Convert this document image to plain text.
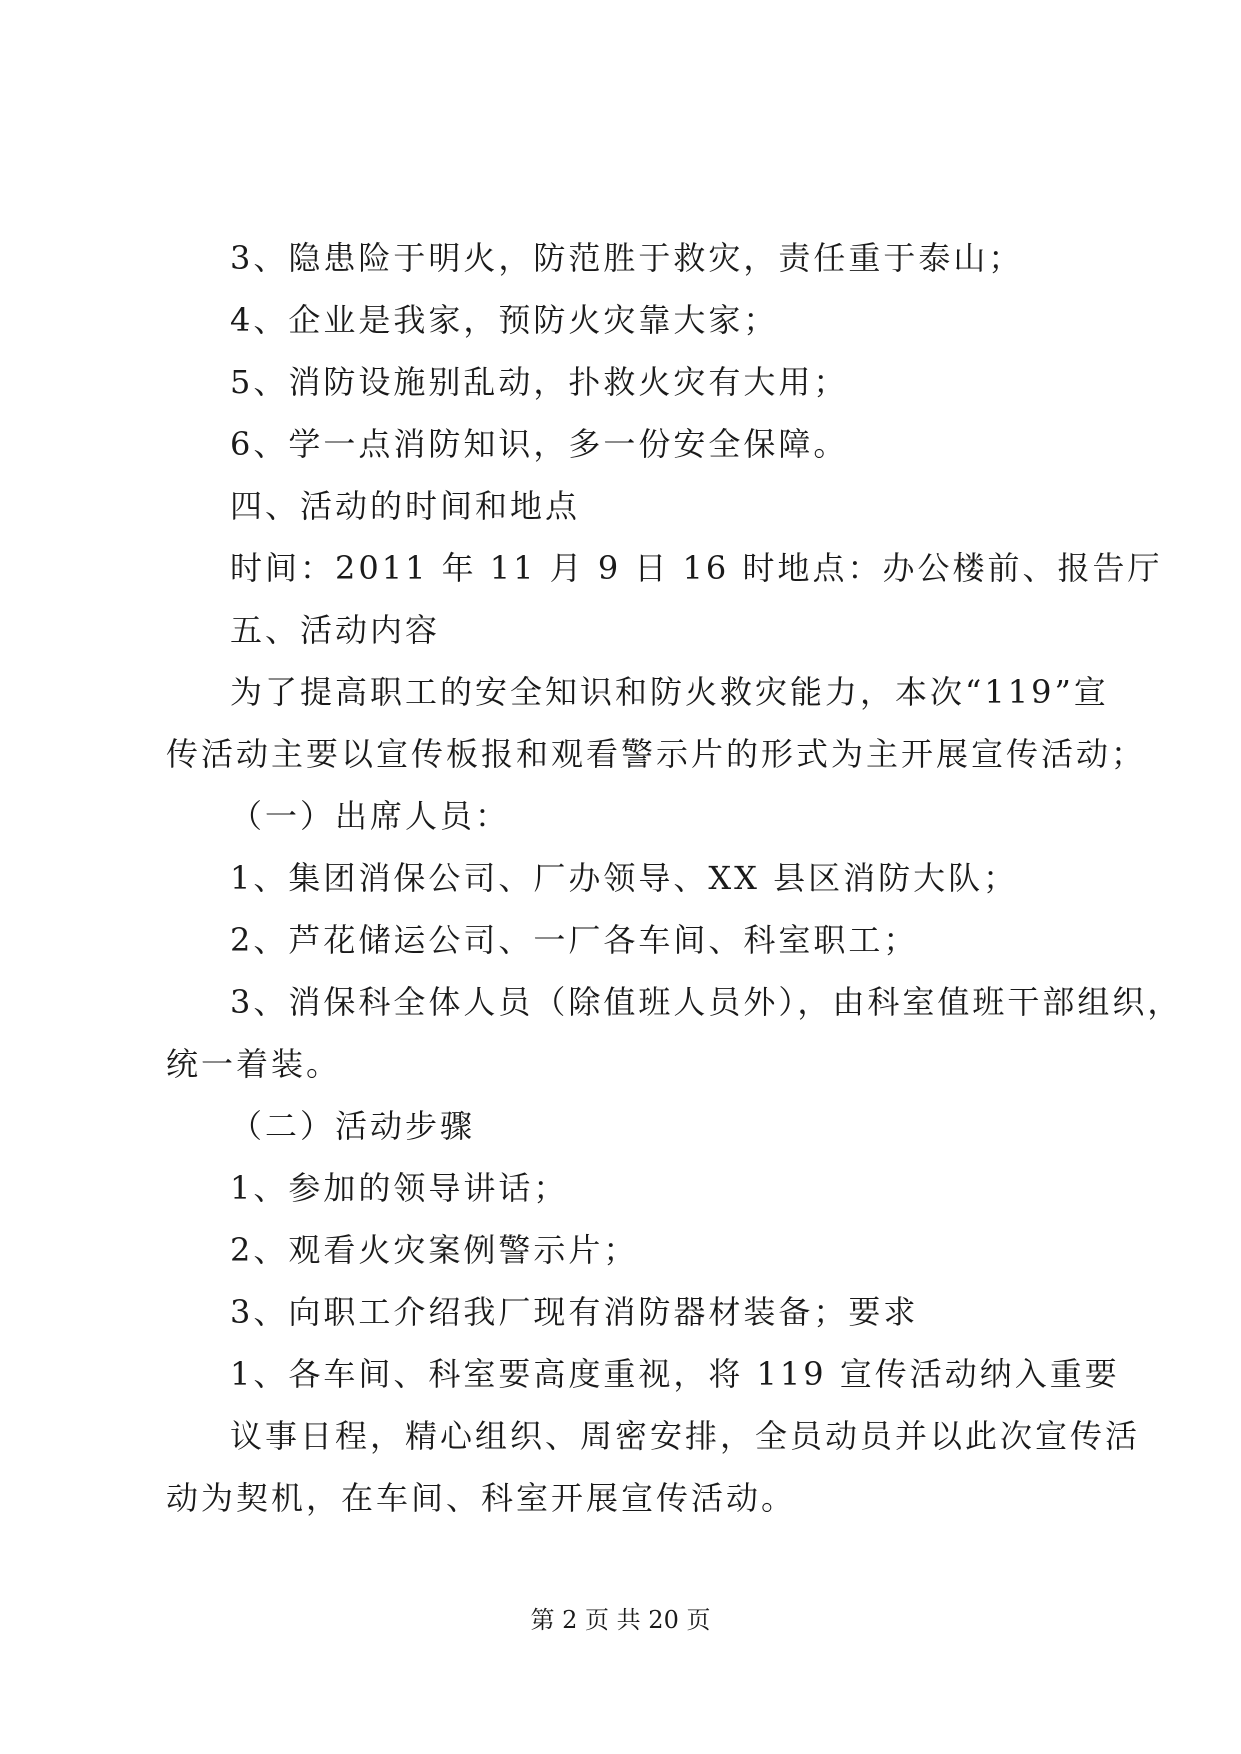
3、隐患险于明火，防范胜于救灾，责任重于泰山；
4、企业是我家，预防火灾靠大家；
5、消防设施别乱动，扑救火灾有大用；
6、学一点消防知识，多一份安全保障。
四、活动的时间和地点
时间：2011 年 11 月 9 日 16 时地点：办公楼前、报告厅
五、活动内容
为了提高职工的安全知识和防火救灾能力，本次“119”宣
传活动主要以宣传板报和观看警示片的形式为主开展宣传活动；
（一）出席人员：
1、集团消保公司、厂办领导、XX 县区消防大队；
2、芦花储运公司、一厂各车间、科室职工；
3、消保科全体人员（除值班人员外），由科室值班干部组织，
统一着装。
（二）活动步骤
1、参加的领导讲话；
2、观看火灾案例警示片；
3、向职工介绍我厂现有消防器材装备；要求
1、各车间、科室要高度重视，将 119 宣传活动纳入重要
议事日程，精心组织、周密安排，全员动员并以此次宣传活
动为契机，在车间、科室开展宣传活动。
第 2 页 共 20 页
